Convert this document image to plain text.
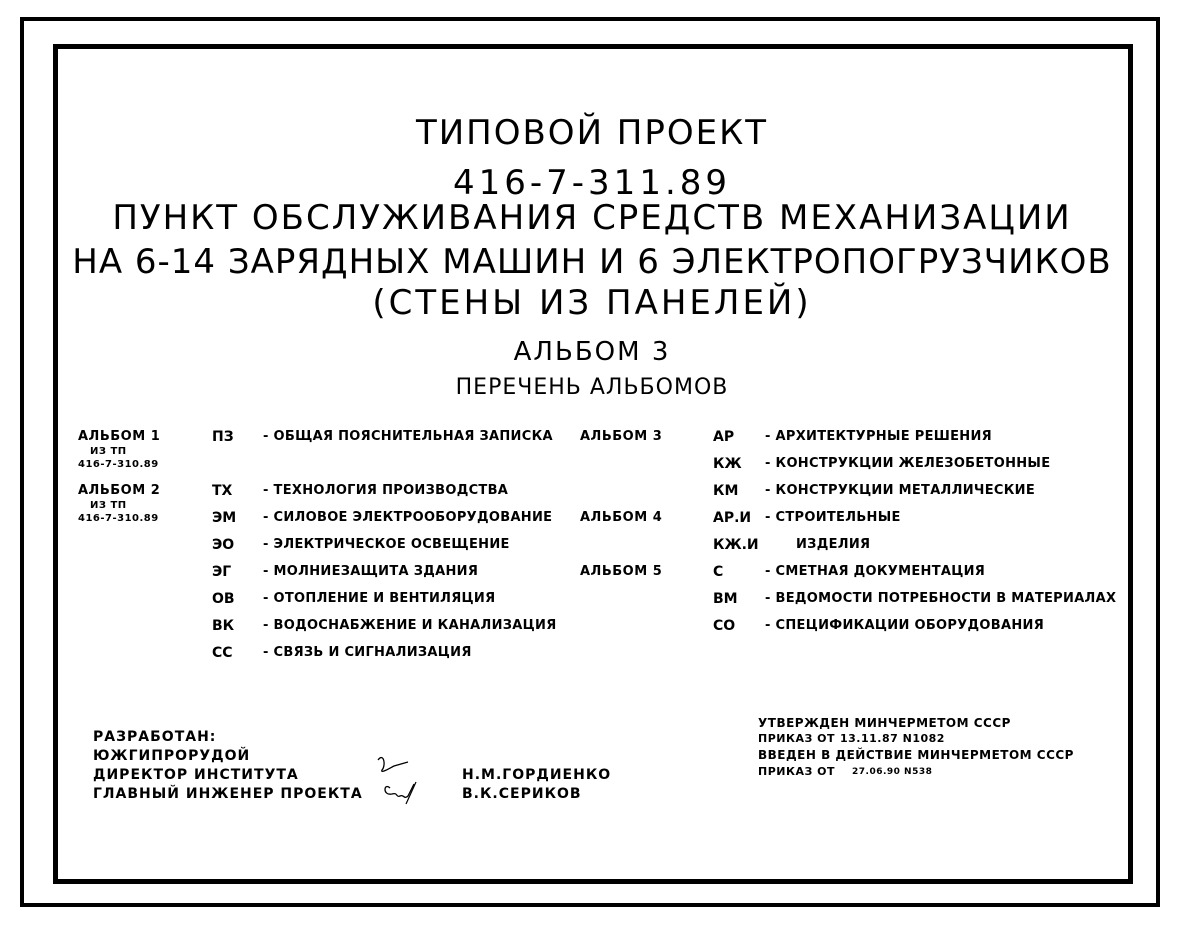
ТИПОВОЙ ПРОЕКТ
416-7-311.89
ПУНКТ ОБСЛУЖИВАНИЯ СРЕДСТВ МЕХАНИЗАЦИИ
НА 6-14 ЗАРЯДНЫХ МАШИН И 6 ЭЛЕКТРОПОГРУЗЧИКОВ
(СТЕНЫ ИЗ ПАНЕЛЕЙ)
АЛЬБОМ 3
ПЕРЕЧЕНЬ АЛЬБОМОВ
АЛЬБОМ 1
ИЗ ТП
416-7-310.89
АЛЬБОМ 2
ИЗ ТП
416-7-310.89
ПЗ - ОБЩАЯ ПОЯСНИТЕЛЬНАЯ ЗАПИСКА
ТХ - ТЕХНОЛОГИЯ ПРОИЗВОДСТВА
ЭМ - СИЛОВОЕ ЭЛЕКТРООБОРУДОВАНИЕ
ЭО - ЭЛЕКТРИЧЕСКОЕ ОСВЕЩЕНИЕ
ЭГ - МОЛНИЕЗАЩИТА ЗДАНИЯ
ОВ - ОТОПЛЕНИЕ И ВЕНТИЛЯЦИЯ
ВК - ВОДОСНАБЖЕНИЕ И КАНАЛИЗАЦИЯ
СС - СВЯЗЬ И СИГНАЛИЗАЦИЯ
АЛЬБОМ 3
АЛЬБОМ 4
АЛЬБОМ 5
АР - АРХИТЕКТУРНЫЕ РЕШЕНИЯ
КЖ - КОНСТРУКЦИИ ЖЕЛЕЗОБЕТОННЫЕ
КМ - КОНСТРУКЦИИ МЕТАЛЛИЧЕСКИЕ
АР.И - СТРОИТЕЛЬНЫЕ
КЖ.И	ИЗДЕЛИЯ
С	- СМЕТНАЯ ДОКУМЕНТАЦИЯ
ВМ - ВЕДОМОСТИ ПОТРЕБНОСТИ В МАТЕРИАЛАХ
СО - СПЕЦИФИКАЦИИ ОБОРУДОВАНИЯ
РАЗРАБОТАН:
ЮЖГИПРОРУДОЙ
ДИРЕКТОР ИНСТИТУТА
ГЛАВНЫЙ ИНЖЕНЕР ПРОЕКТА
Н.М.ГОРДИЕНКО
В.К.СЕРИКОВ
УТВЕРЖДЕН МИНЧЕРМЕТОМ СССР
ПРИКАЗ ОТ 13.11.87 N1082
ВВЕДЕН В ДЕЙСТВИЕ МИНЧЕРМЕТОМ СССР
ПРИКАЗ ОТ 27.06.90 N538
